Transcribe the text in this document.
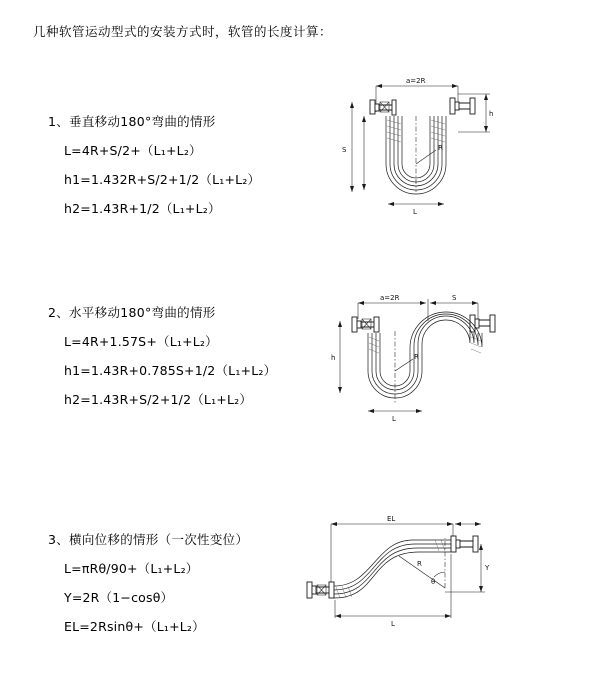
几种软管运动型式的安装方式时，软管的长度计算：
1、垂直移动180°弯曲的情形
L=4R+S/2+（L₁+L₂）
h1=1.432R+S/2+1/2（L₁+L₂）
h2=1.43R+1/2（L₁+L₂）
a=2R
h
S	R
L
2、水平移动180°弯曲的情形
L=4R+1.57S+（L₁+L₂）
h1=1.43R+0.785S+1/2（L₁+L₂）
h2=1.43R+S/2+1/2（L₁+L₂）
a=2R	S
h	R
L
3、横向位移的情形（一次性变位）
L=πRθ/90+（L₁+L₂）
Y=2R（1−cosθ）
EL=2Rsinθ+（L₁+L₂）
EL
Y
R
θ
L
